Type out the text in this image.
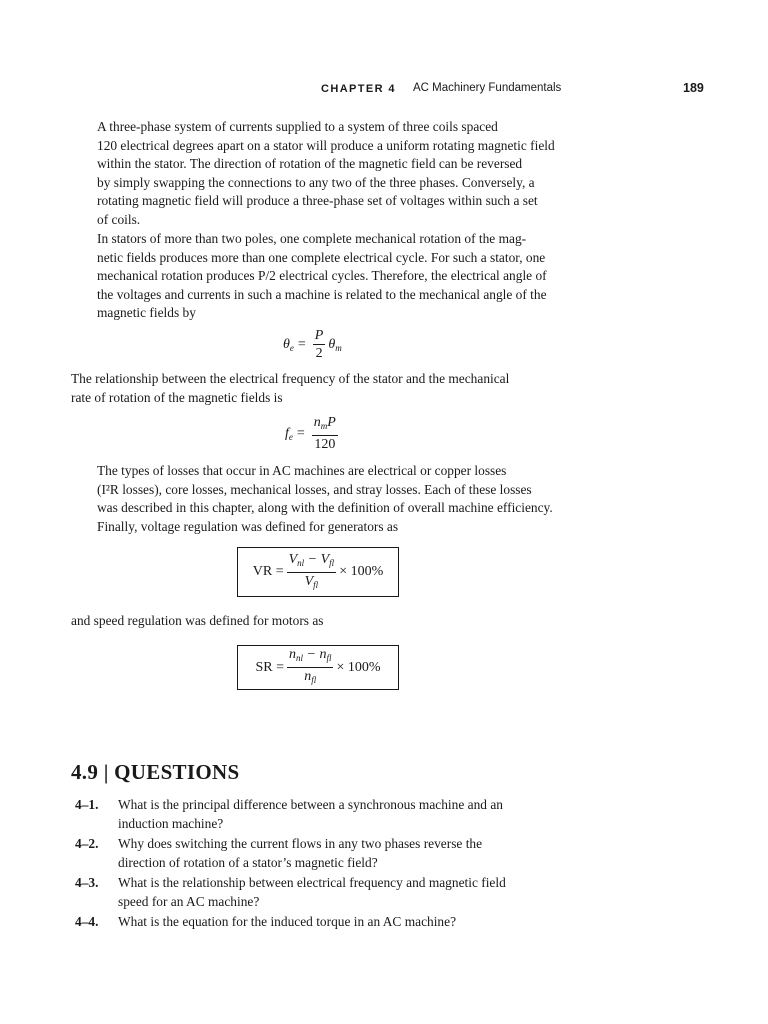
CHAPTER 4 AC Machinery Fundamentals	189
A three-phase system of currents supplied to a system of three coils spaced
120 electrical degrees apart on a stator will produce a uniform rotating magnetic field
within the stator. The direction of rotation of the magnetic field can be reversed
by simply swapping the connections to any two of the three phases. Conversely, a
rotating magnetic field will produce a three-phase set of voltages within such a set
of coils.
In stators of more than two poles, one complete mechanical rotation of the mag-
netic fields produces more than one complete electrical cycle. For such a stator, one
mechanical rotation produces P/2 electrical cycles. Therefore, the electrical angle of
the voltages and currents in such a machine is related to the mechanical angle of the
magnetic fields by
$\theta_e = \frac{P}{2} \theta_m$
The relationship between the electrical frequency of the stator and the mechanical
rate of rotation of the magnetic fields is
$f_e = \frac{n_mP}{120}$
The types of losses that occur in AC machines are electrical or copper losses
(I²R losses), core losses, mechanical losses, and stray losses. Each of these losses
was described in this chapter, along with the definition of overall machine efficiency.
Finally, voltage regulation was defined for generators as
VR = $\frac{V_{nl} - V_{fl}}{V_{fl}} \times 100\%$
and speed regulation was defined for motors as
SR = $\frac{n_{nl} - n_{fl}}{n_{fl}} \times 100\%$
4.9 | QUESTIONS
4–1. What is the principal difference between a synchronous machine and an
induction machine?
4–2. Why does switching the current flows in any two phases reverse the
direction of rotation of a stator’s magnetic field?
4–3. What is the relationship between electrical frequency and magnetic field
speed for an AC machine?
4–4. What is the equation for the induced torque in an AC machine?
